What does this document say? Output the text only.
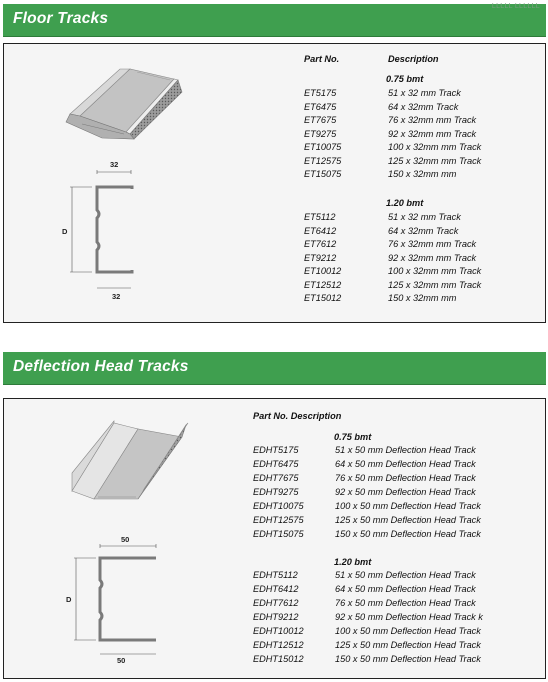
Floor Tracks
LLLLL LLLLLL
32
D
32
Part No.	Description
0.75 bmt
ET5175	51 x 32 mm Track
ET6475	64 x 32mm Track
ET7675	76 x 32mm mm Track
ET9275	92 x 32mm mm Track
ET10075	100 x 32mm mm Track
ET12575	125 x 32mm mm Track
ET15075	150 x 32mm mm
1.20 bmt
ET5112	51 x 32 mm Track
ET6412	64 x 32mm Track
ET7612	76 x 32mm mm Track
ET9212	92 x 32mm mm Track
ET10012	100 x 32mm mm Track
ET12512	125 x 32mm mm Track
ET15012	150 x 32mm mm
Deflection Head Tracks
50
D
50
Part No. Description
0.75 bmt
EDHT5175	51 x 50 mm Deflection Head Track
EDHT6475	64 x 50 mm Deflection Head Track
EDHT7675	76 x 50 mm Deflection Head Track
EDHT9275	92 x 50 mm Deflection Head Track
EDHT10075	100 x 50 mm Deflection Head Track
EDHT12575	125 x 50 mm Deflection Head Track
EDHT15075	150 x 50 mm Deflection Head Track
1.20 bmt
EDHT5112	51 x 50 mm Deflection Head Track
EDHT6412	64 x 50 mm Deflection Head Track
EDHT7612	76 x 50 mm Deflection Head Track
EDHT9212	92 x 50 mm Deflection Head Track k
EDHT10012	100 x 50 mm Deflection Head Track
EDHT12512	125 x 50 mm Deflection Head Track
EDHT15012	150 x 50 mm Deflection Head Track
